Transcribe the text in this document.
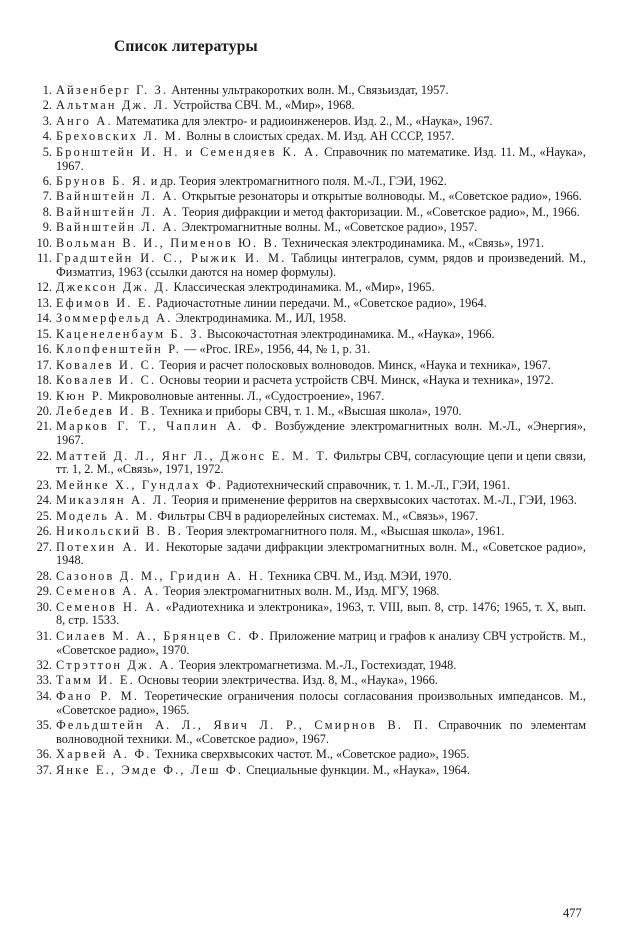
Список литературы
1. Айзенберг Г. З. Антенны ультракоротких волн. М., Связьиздат, 1957.
2. Альтман Дж. Л. Устройства СВЧ. М., «Мир», 1968.
3. Анго А. Математика для электро- и радиоинженеров. Изд. 2., М., «Наука», 1967.
4. Бреховских Л. М. Волны в слоистых средах. М. Изд. АН СССР, 1957.
5. Бронштейн И. Н. и Семендяев К. А. Справочник по математике. Изд. 11. М., «Наука», 1967.
6. Брунов Б. Я. и др. Теория электромагнитного поля. М.-Л., ГЭИ, 1962.
7. Вайнштейн Л. А. Открытые резонаторы и открытые волноводы. М., «Советское радио», 1966.
8. Вайнштейн Л. А. Теория дифракции и метод факторизации. М., «Советское радио», М., 1966.
9. Вайнштейн Л. А. Электромагнитные волны. М., «Советское радио», 1957.
10. Вольман В. И., Пименов Ю. В. Техническая электродинамика. М., «Связь», 1971.
11. Градштейн И. С., Рыжик И. М. Таблицы интегралов, сумм, рядов и произведений. М., Физматгиз, 1963 (ссылки даются на номер формулы).
12. Джексон Дж. Д. Классическая электродинамика. М., «Мир», 1965.
13. Ефимов И. Е. Радиочастотные линии передачи. М., «Советское радио», 1964.
14. Зоммерфельд А. Электродинамика. М., ИЛ, 1958.
15. Каценеленбаум Б. З. Высокочастотная электродинамика. М., «Наука», 1966.
16. Клопфенштейн Р. — «Proc. IRE», 1956, 44, № 1, р. 31.
17. Ковалев И. С. Теория и расчет полосковых волноводов. Минск, «Наука и техника», 1967.
18. Ковалев И. С. Основы теории и расчета устройств СВЧ. Минск, «Наука и техника», 1972.
19. Кюн Р. Микроволновые антенны. Л., «Судостроение», 1967.
20. Лебедев И. В. Техника и приборы СВЧ, т. 1. М., «Высшая школа», 1970.
21. Марков Г. Т., Чаплин А. Ф. Возбуждение электромагнитных волн. М.-Л., «Энергия», 1967.
22. Маттей Д. Л., Янг Л., Джонс Е. М. Т. Фильтры СВЧ, согласующие цепи и цепи связи, тт. 1, 2. М., «Связь», 1971, 1972.
23. Мейнке Х., Гундлах Ф. Радиотехнический справочник, т. 1. М.-Л., ГЭИ, 1961.
24. Микаэлян А. Л. Теория и применение ферритов на сверхвысоких частотах. М.-Л., ГЭИ, 1963.
25. Модель А. М. Фильтры СВЧ в радиорелейных системах. М., «Связь», 1967.
26. Никольский В. В. Теория электромагнитного поля. М., «Высшая школа», 1961.
27. Потехин А. И. Некоторые задачи дифракции электромагнитных волн. М., «Советское радио», 1948.
28. Сазонов Д. М., Гридин А. Н. Техника СВЧ. М., Изд. МЭИ, 1970.
29. Семенов А. А. Теория электромагнитных волн. М., Изд. МГУ, 1968.
30. Семенов Н. А. «Радиотехника и электроника», 1963, т. VIII, вып. 8, стр. 1476; 1965, т. X, вып. 8, стр. 1533.
31. Силаев М. А., Брянцев С. Ф. Приложение матриц и графов к анализу СВЧ устройств. М., «Советское радио», 1970.
32. Стрэттон Дж. А. Теория электромагнетизма. М.-Л., Гостехиздат, 1948.
33. Тамм И. Е. Основы теории электричества. Изд. 8, М., «Наука», 1966.
34. Фано Р. М. Теоретические ограничения полосы согласования произвольных импедансов. М., «Советское радио», 1965.
35. Фельдштейн А. Л., Явич Л. Р., Смирнов В. П. Справочник по элементам волноводной техники. М., «Советское радио», 1967.
36. Харвей А. Ф. Техника сверхвысоких частот. М., «Советское радио», 1965.
37. Янке Е., Эмде Ф., Леш Ф. Специальные функции. М., «Наука», 1964.
477
